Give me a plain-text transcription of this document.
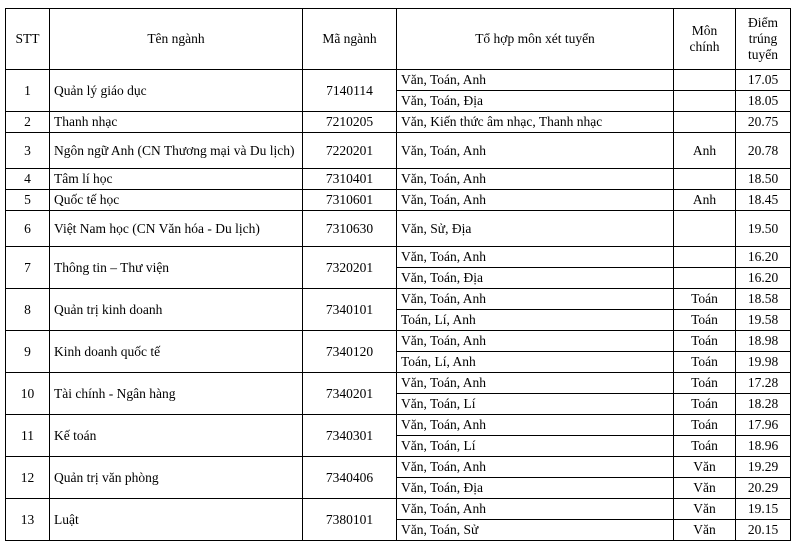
STT	Tên ngành	Mã ngành	Tổ hợp môn xét tuyển	Môn
chính	Điểm
trúng
tuyển

1	Quản lý giáo dục	7140114	Văn, Toán, Anh		17.05
			Văn, Toán, Địa		18.05
2	Thanh nhạc	7210205	Văn, Kiến thức âm nhạc, Thanh nhạc		20.75
3	Ngôn ngữ Anh (CN Thương mại và Du lịch)	7220201	Văn, Toán, Anh	Anh	20.78
4	Tâm lí học	7310401	Văn, Toán, Anh		18.50
5	Quốc tế học	7310601	Văn, Toán, Anh	Anh	18.45
6	Việt Nam học (CN Văn hóa - Du lịch)	7310630	Văn, Sử, Địa		19.50
7	Thông tin – Thư viện	7320201	Văn, Toán, Anh		16.20
			Văn, Toán, Địa		16.20
8	Quản trị kinh doanh	7340101	Văn, Toán, Anh	Toán	18.58
			Toán, Lí, Anh	Toán	19.58
9	Kinh doanh quốc tế	7340120	Văn, Toán, Anh	Toán	18.98
			Toán, Lí, Anh	Toán	19.98
10	Tài chính - Ngân hàng	7340201	Văn, Toán, Anh	Toán	17.28
			Văn, Toán, Lí	Toán	18.28
11	Kế toán	7340301	Văn, Toán, Anh	Toán	17.96
			Văn, Toán, Lí	Toán	18.96
12	Quản trị văn phòng	7340406	Văn, Toán, Anh	Văn	19.29
			Văn, Toán, Địa	Văn	20.29
13	Luật	7380101	Văn, Toán, Anh	Văn	19.15
			Văn, Toán, Sử	Văn	20.15
